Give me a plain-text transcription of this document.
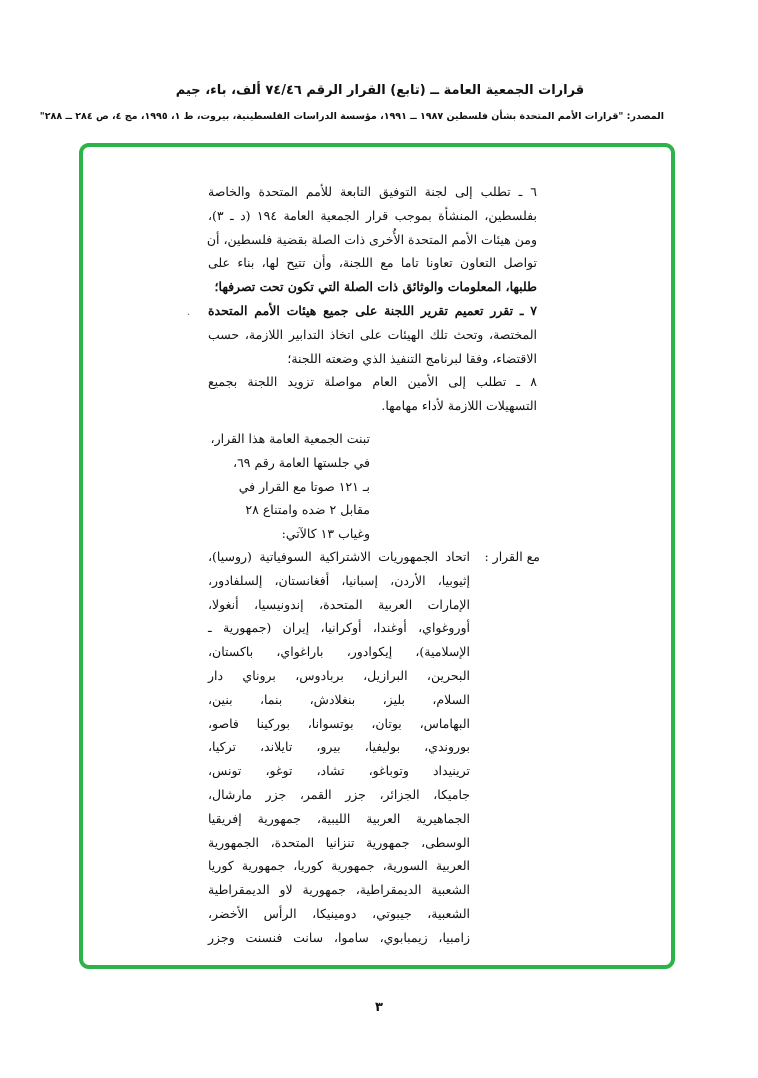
قرارات الجمعية العامة ــ (تابع) القرار الرقم ٧٤/٤٦ ألف، باء، جيم
المصدر: "قرارات الأمم المتحدة بشأن فلسطين ١٩٨٧ ــ ١٩٩١، مؤسسة الدراسات الفلسطينية، بيروت، ط ١، ١٩٩٥، مج ٤، ص ٢٨٤ ــ ٢٨٨"
·
٦ ـ تطلب إلى لجنة التوفيق التابعة للأمم المتحدة والخاصة
بفلسطين، المنشأة بموجب قرار الجمعية العامة ١٩٤ (د ـ ٣)،
ومن هيئات الأمم المتحدة الأُخرى ذات الصلة بقضية فلسطين، أن
تواصل التعاون تعاونا تاما مع اللجنة، وأن تتيح لها، بناء على
طلبها، المعلومات والوثائق ذات الصلة التي تكون تحت تصرفها؛
٧ ـ تقرر تعميم تقرير اللجنة على جميع هيئات الأمم المتحدة
المختصة، وتحث تلك الهيئات على اتخاذ التدابير اللازمة، حسب
الاقتضاء، وفقا لبرنامج التنفيذ الذي وضعته اللجنة؛
٨ ـ تطلب إلى الأمين العام مواصلة تزويد اللجنة بجميع
التسهيلات اللازمة لأداء مهامها.
تبنت الجمعية العامة هذا القرار،
في جلستها العامة رقم ٦٩،
بـ ١٢١ صوتا مع القرار في
مقابل ٢ ضده وامتناع ٢٨
وغياب ١٣ كالآتي:
مع القرار :
اتحاد الجمهوريات الاشتراكية السوفياتية (روسيا)،
إثيوبيا، الأردن، إسبانيا، أفغانستان، إلسلفادور،
الإمارات العربية المتحدة، إندونيسيا، أنغولا،
أوروغواي، أوغندا، أوكرانيا، إيران (جمهورية ـ
الإسلامية)، إيكوادور، باراغواي، باكستان،
البحرين، البرازيل، بربادوس، بروناي دار
السلام، بليز، بنغلادش، بنما، بنين،
البهاماس، بوتان، بوتسوانا، بوركينا فاصو،
بوروندي، بوليفيا، بيرو، تايلاند، تركيا،
ترينيداد وتوباغو، تشاد، توغو، تونس،
جاميكا، الجزائر، جزر القمر، جزر مارشال،
الجماهيرية العربية الليبية، جمهورية إفريقيا
الوسطى، جمهورية تنزانيا المتحدة، الجمهورية
العربية السورية، جمهورية كوريا، جمهورية كوريا
الشعبية الديمقراطية، جمهورية لاو الديمقراطية
الشعبية، جيبوتي، دومينيكا، الرأس الأخضر،
زامبيا، زيمبابوي، ساموا، سانت فنسنت وجزر
٣
